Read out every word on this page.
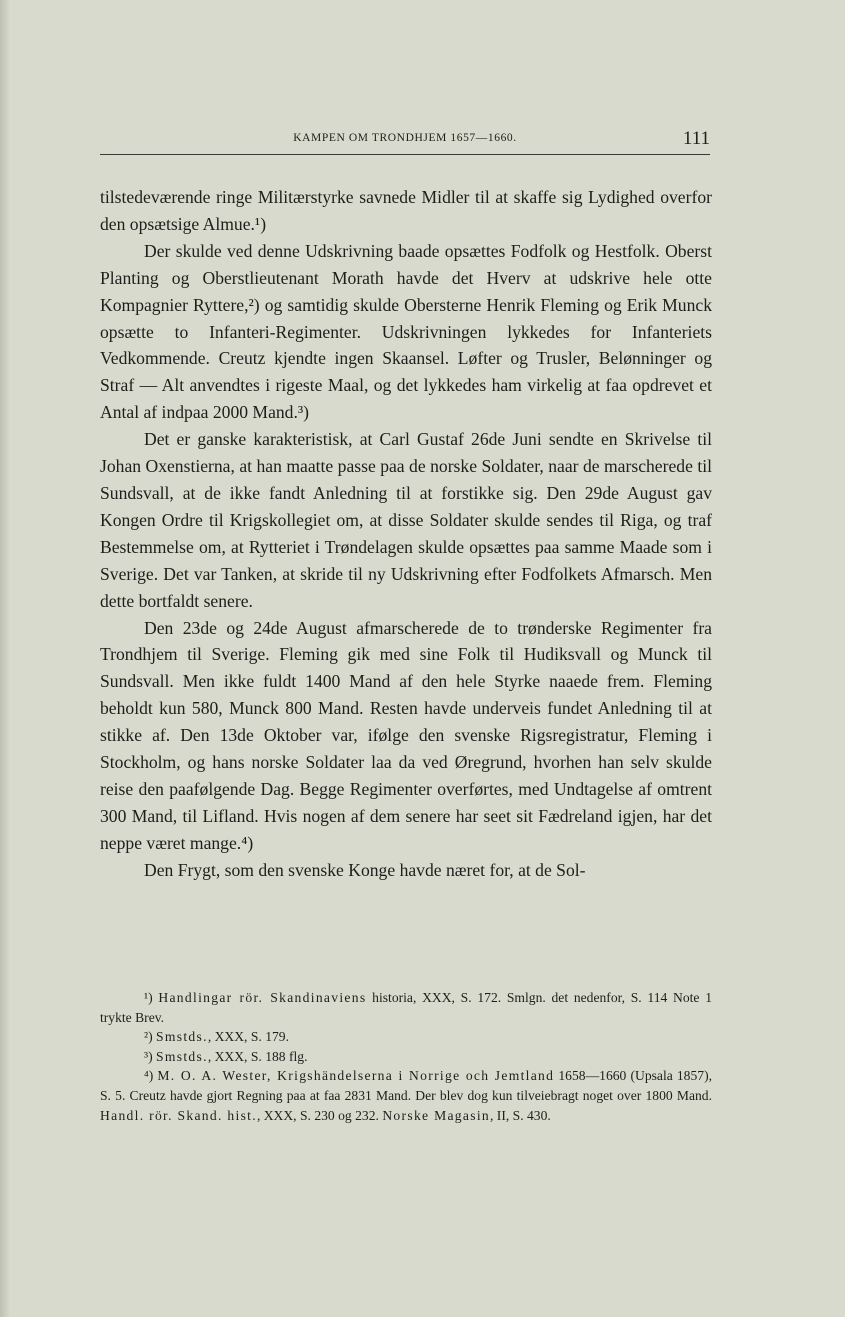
KAMPEN OM TRONDHJEM 1657—1660.	111

tilstedeværende ringe Militærstyrke savnede Midler til at skaffe sig Lydighed overfor den opsætsige Almue.¹)

Der skulde ved denne Udskrivning baade opsættes Fodfolk og Hestfolk. Oberst Planting og Oberstlieutenant Morath havde det Hverv at udskrive hele otte Kompagnier Ryttere,²) og samtidig skulde Obersterne Henrik Fleming og Erik Munck opsætte to Infanteri-Regimenter. Udskrivningen lykkedes for Infanteriets Vedkommende. Creutz kjendte ingen Skaansel. Løfter og Trusler, Belønninger og Straf — Alt anvendtes i rigeste Maal, og det lykkedes ham virkelig at faa opdrevet et Antal af indpaa 2000 Mand.³)

Det er ganske karakteristisk, at Carl Gustaf 26de Juni sendte en Skrivelse til Johan Oxenstierna, at han maatte passe paa de norske Soldater, naar de marscherede til Sundsvall, at de ikke fandt Anledning til at forstikke sig. Den 29de August gav Kongen Ordre til Krigskollegiet om, at disse Soldater skulde sendes til Riga, og traf Bestemmelse om, at Rytteriet i Trøndelagen skulde opsættes paa samme Maade som i Sverige. Det var Tanken, at skride til ny Udskrivning efter Fodfolkets Afmarsch. Men dette bortfaldt senere.

Den 23de og 24de August afmarscherede de to trønderske Regimenter fra Trondhjem til Sverige. Fleming gik med sine Folk til Hudiksvall og Munck til Sundsvall. Men ikke fuldt 1400 Mand af den hele Styrke naaede frem. Fleming beholdt kun 580, Munck 800 Mand. Resten havde underveis fundet Anledning til at stikke af. Den 13de Oktober var, ifølge den svenske Rigsregistratur, Fleming i Stockholm, og hans norske Soldater laa da ved Øregrund, hvorhen han selv skulde reise den paafølgende Dag. Begge Regimenter overførtes, med Undtagelse af omtrent 300 Mand, til Lifland. Hvis nogen af dem senere har seet sit Fædreland igjen, har det neppe været mange.⁴)

Den Frygt, som den svenske Konge havde næret for, at de Sol-

¹) Handlingar rör. Skandinaviens historia, XXX, S. 172. Smlgn. det nedenfor, S. 114 Note 1 trykte Brev.

²) Smstds., XXX, S. 179.

³) Smstds., XXX, S. 188 flg.

⁴) M. O. A. Wester, Krigshändelserna i Norrige och Jemtland 1658—1660 (Upsala 1857), S. 5. Creutz havde gjort Regning paa at faa 2831 Mand. Der blev dog kun tilveiebragt noget over 1800 Mand. Handl. rör. Skand. hist., XXX, S. 230 og 232. Norske Magasin, II, S. 430.
